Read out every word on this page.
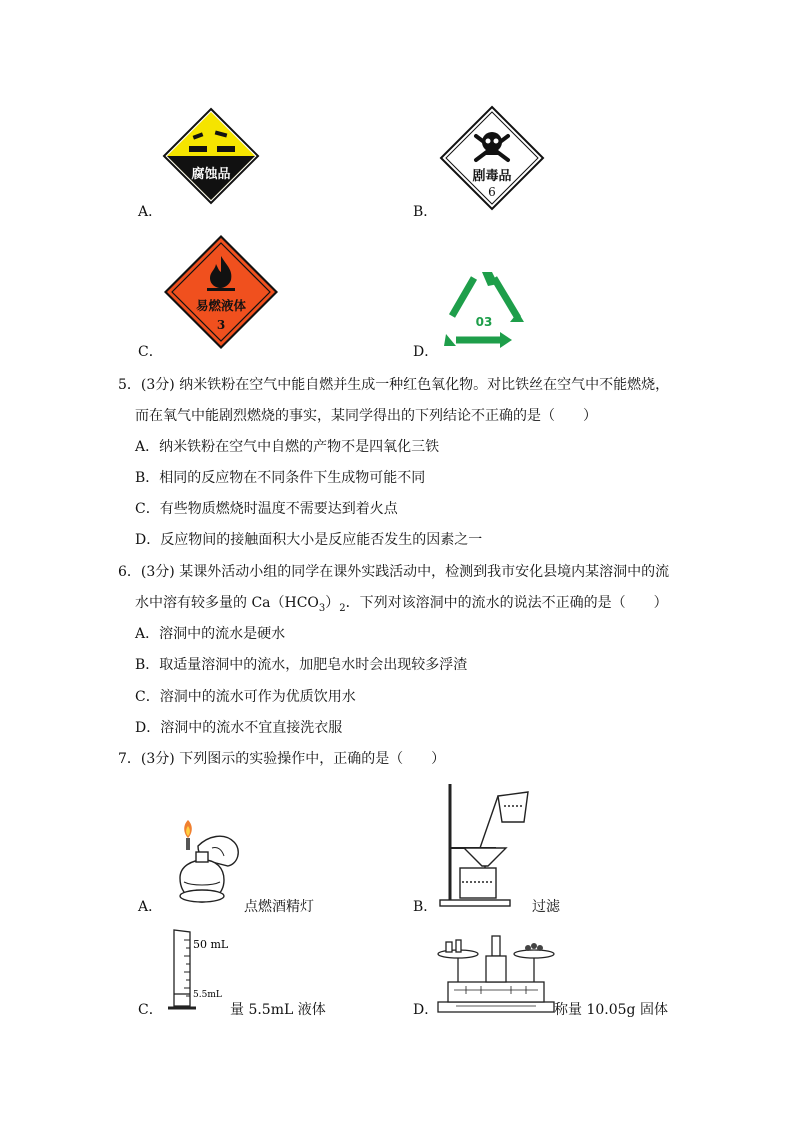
腐蚀品
A．
剧毒品
6
B．
易燃液体
3
C．
03
D．
5．(3分) 纳米铁粉在空气中能自燃并生成一种红色氧化物。对比铁丝在空气中不能燃烧，
而在氧气中能剧烈燃烧的事实，某同学得出的下列结论不正确的是（　　）
A．纳米铁粉在空气中自燃的产物不是四氧化三铁
B．相同的反应物在不同条件下生成物可能不同
C．有些物质燃烧时温度不需要达到着火点
D．反应物间的接触面积大小是反应能否发生的因素之一
6．(3分) 某课外活动小组的同学在课外实践活动中，检测到我市安化县境内某溶洞中的流
水中溶有较多量的 $Ca(HCO_3)_2$．下列对该溶洞中的流水的说法不正确的是（　　）
A．溶洞中的流水是硬水
B．取适量溶洞中的流水，加肥皂水时会出现较多浮渣
C．溶洞中的流水可作为优质饮用水
D．溶洞中的流水不宜直接洗衣服
7．(3分) 下列图示的实验操作中，正确的是（　　）
A．	点燃酒精灯	B．	过滤
50 mL
5.5mL
C．	量 5.5mL 液体	D．	称量 10.05g 固体
